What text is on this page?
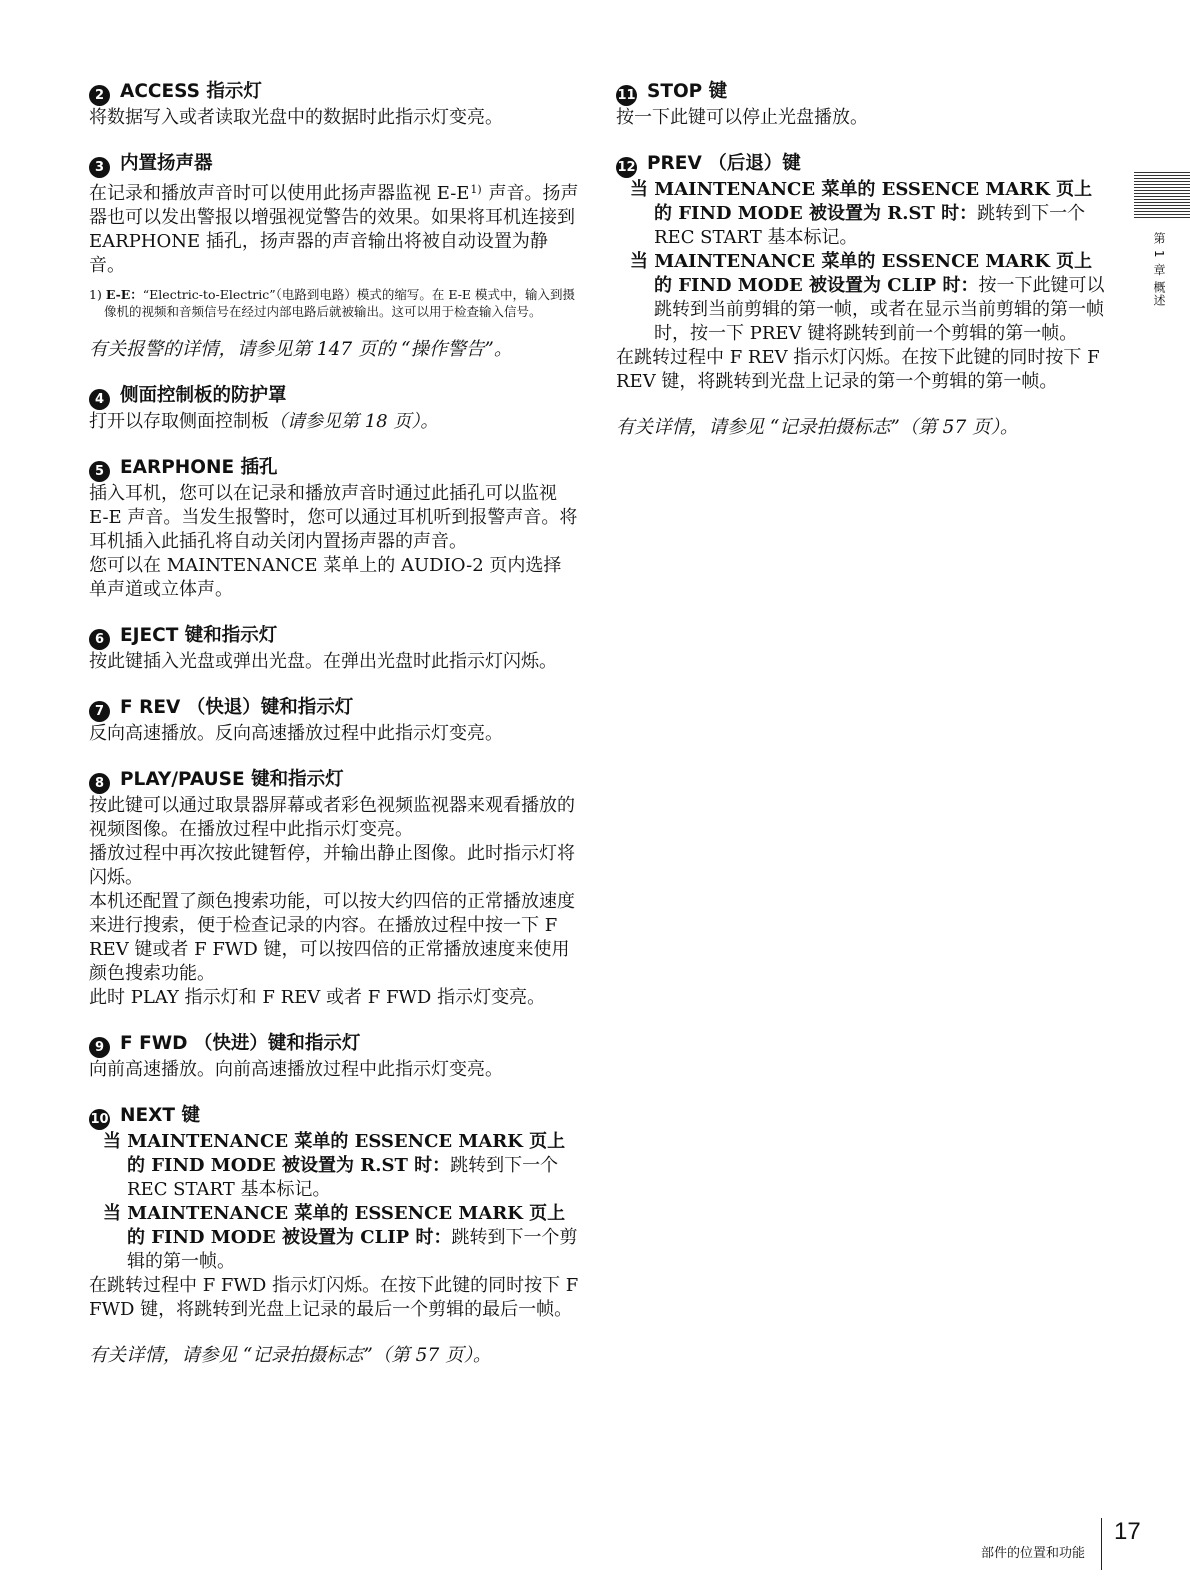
2 ACCESS 指示灯

将数据写入或者读取光盘中的数据时此指示灯变亮。

3 内置扬声器

在记录和播放声音时可以使用此扬声器监视 $E-E^{1)}$ 声音。扬声器也可以发出警报以增强视觉警告的效果。如果将耳机连接到 EARPHONE 插孔，扬声器的声音输出将被自动设置为静音。

1) E-E：“Electric-to-Electric”（电路到电路）模式的缩写。在 E-E 模式中，输入到摄像机的视频和音频信号在经过内部电路后就被输出。这可以用于检查输入信号。

有关报警的详情，请参见第 147 页的 “操作警告”。

4 侧面控制板的防护罩

打开以存取侧面控制板（请参见第 18 页）。

5 EARPHONE 插孔

插入耳机，您可以在记录和播放声音时通过此插孔可以监视 E-E 声音。当发生报警时，您可以通过耳机听到报警声音。将耳机插入此插孔将自动关闭内置扬声器的声音。

您可以在 MAINTENANCE 菜单上的 AUDIO-2 页内选择单声道或立体声。

6 EJECT 键和指示灯

按此键插入光盘或弹出光盘。在弹出光盘时此指示灯闪烁。

7 F REV （快退）键和指示灯

反向高速播放。反向高速播放过程中此指示灯变亮。

8 PLAY/PAUSE 键和指示灯

按此键可以通过取景器屏幕或者彩色视频监视器来观看播放的视频图像。在播放过程中此指示灯变亮。

播放过程中再次按此键暂停，并输出静止图像。此时指示灯将闪烁。

本机还配置了颜色搜索功能，可以按大约四倍的正常播放速度来进行搜索，便于检查记录的内容。在播放过程中按一下 F REV 键或者 F FWD 键，可以按四倍的正常播放速度来使用颜色搜索功能。

此时 PLAY 指示灯和 F REV 或者 F FWD 指示灯变亮。

9 F FWD （快进）键和指示灯

向前高速播放。向前高速播放过程中此指示灯变亮。

10 NEXT 键

当 MAINTENANCE 菜单的 ESSENCE MARK 页上的 FIND MODE 被设置为 R.ST 时：跳转到下一个 REC START 基本标记。

当 MAINTENANCE 菜单的 ESSENCE MARK 页上的 FIND MODE 被设置为 CLIP 时：跳转到下一个剪辑的第一帧。

在跳转过程中 F FWD 指示灯闪烁。在按下此键的同时按下 F FWD 键，将跳转到光盘上记录的最后一个剪辑的最后一帧。

有关详情，请参见 “记录拍摄标志”（第 57 页）。

11 STOP 键

按一下此键可以停止光盘播放。

12 PREV （后退）键

当 MAINTENANCE 菜单的 ESSENCE MARK 页上的 FIND MODE 被设置为 R.ST 时：跳转到下一个 REC START 基本标记。

当 MAINTENANCE 菜单的 ESSENCE MARK 页上的 FIND MODE 被设置为 CLIP 时：按一下此键可以跳转到当前剪辑的第一帧，或者在显示当前剪辑的第一帧时，按一下 PREV 键将跳转到前一个剪辑的第一帧。

在跳转过程中 F REV 指示灯闪烁。在按下此键的同时按下 F REV 键，将跳转到光盘上记录的第一个剪辑的第一帧。

有关详情，请参见 “记录拍摄标志”（第 57 页）。

第 1 章 概述
部件的位置和功能
17
